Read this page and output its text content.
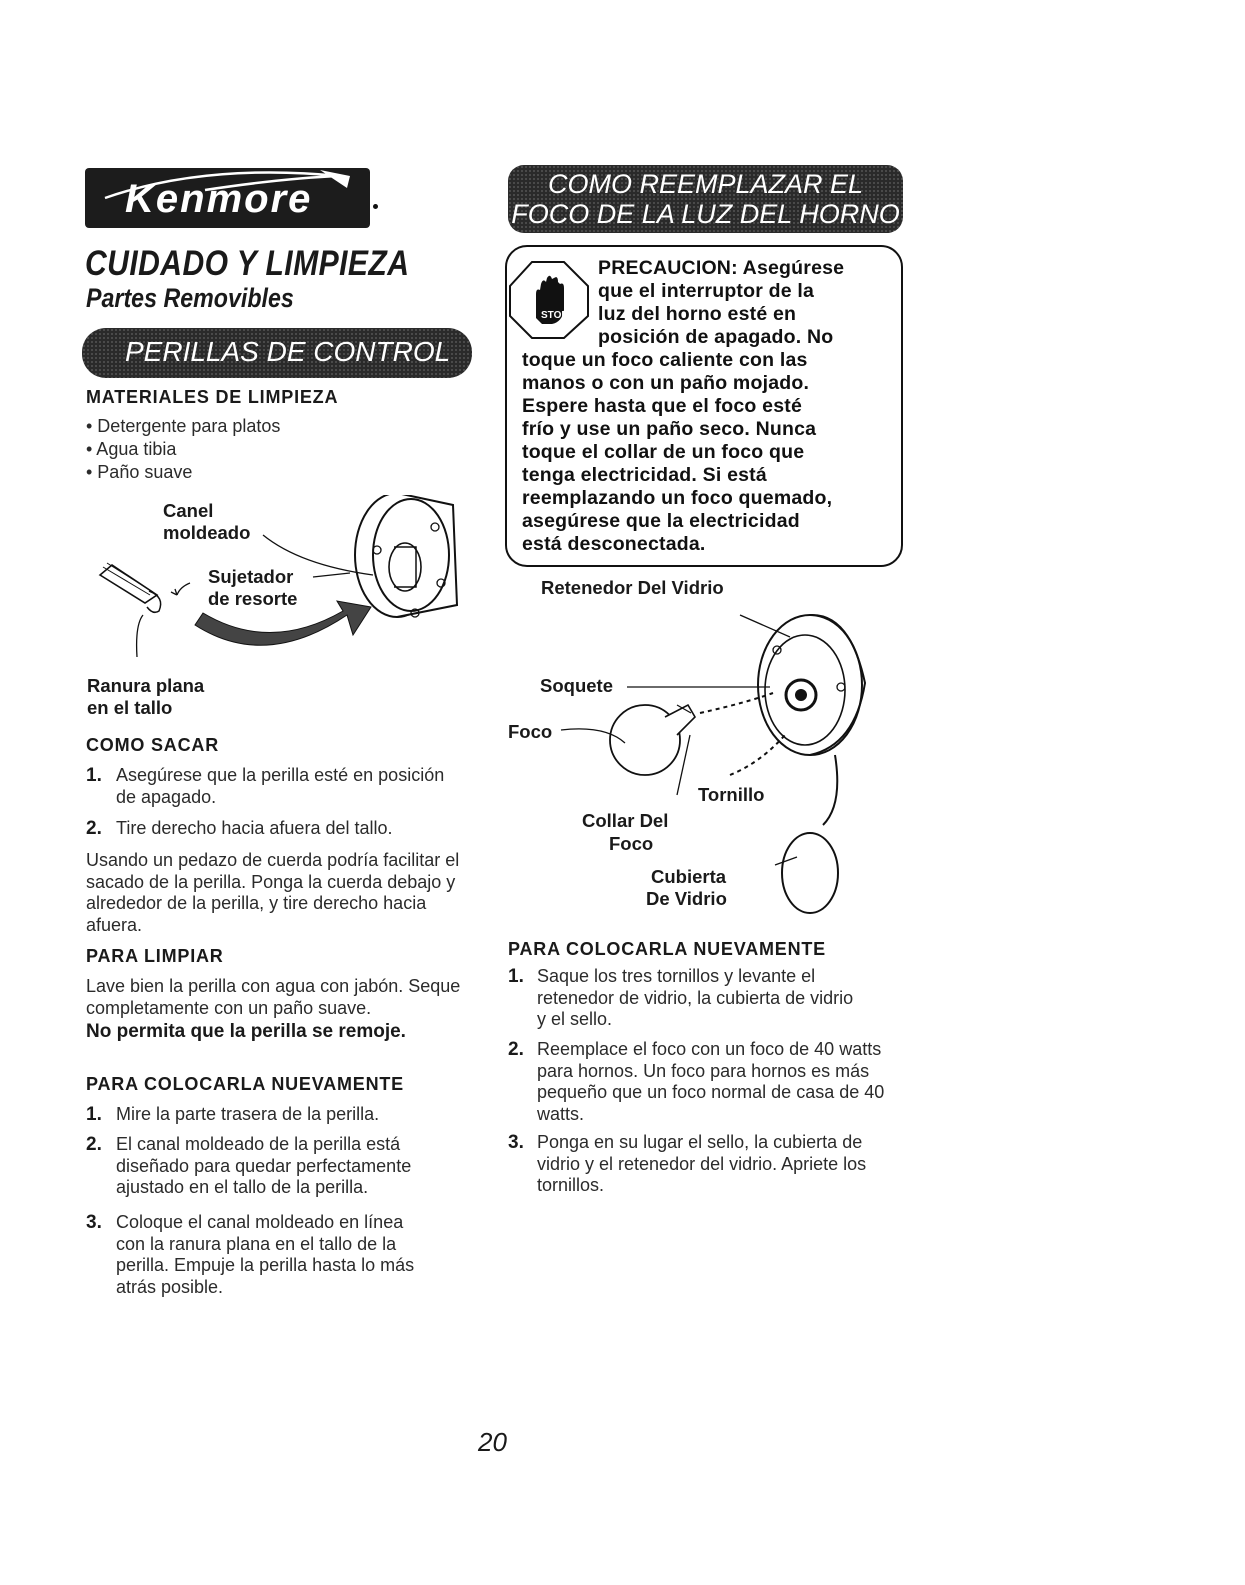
Kenmore
CUIDADO Y LIMPIEZA
Partes Removibles
PERILLAS DE CONTROL
MATERIALES DE LIMPIEZA
• Detergente para platos
• Agua tibia
• Paño suave
Canel
moldeado
Sujetador
de resorte
Ranura plana
en el tallo
COMO SACAR
1. Asegúrese que la perilla esté en posición de apagado.
2. Tire derecho hacia afuera del tallo.
Usando un pedazo de cuerda podría facilitar el sacado de la perilla. Ponga la cuerda debajo y alrededor de la perilla, y tire derecho hacia afuera.
PARA LIMPIAR
Lave bien la perilla con agua con jabón. Seque completamente con un paño suave.
No permita que la perilla se remoje.
PARA COLOCARLA NUEVAMENTE
1. Mire la parte trasera de la perilla.
2. El canal moldeado de la perilla está diseñado para quedar perfectamente ajustado en el tallo de la perilla.
3. Coloque el canal moldeado en línea con la ranura plana en el tallo de la perilla. Empuje la perilla hasta lo más atrás posible.
COMO REEMPLAZAR EL
FOCO DE LA LUZ DEL HORNO
STOP
PRECAUCION: Asegúrese
que el interruptor de la
luz del horno esté en
posición de apagado. No
toque un foco caliente con las
manos o con un paño mojado.
Espere hasta que el foco esté
frío y use un paño seco. Nunca
toque el collar de un foco que
tenga electricidad. Si está
reemplazando un foco quemado,
asegúrese que la electricidad
está desconectada.
Retenedor Del Vidrio
Soquete
Foco
Tornillo
Collar Del
Foco
Cubierta
De Vidrio
PARA COLOCARLA NUEVAMENTE
1. Saque los tres tornillos y levante el retenedor de vidrio, la cubierta de vidrio y el sello.
2. Reemplace el foco con un foco de 40 watts para hornos. Un foco para hornos es más pequeño que un foco normal de casa de 40 watts.
3. Ponga en su lugar el sello, la cubierta de vidrio y el retenedor del vidrio. Apriete los tornillos.
20
